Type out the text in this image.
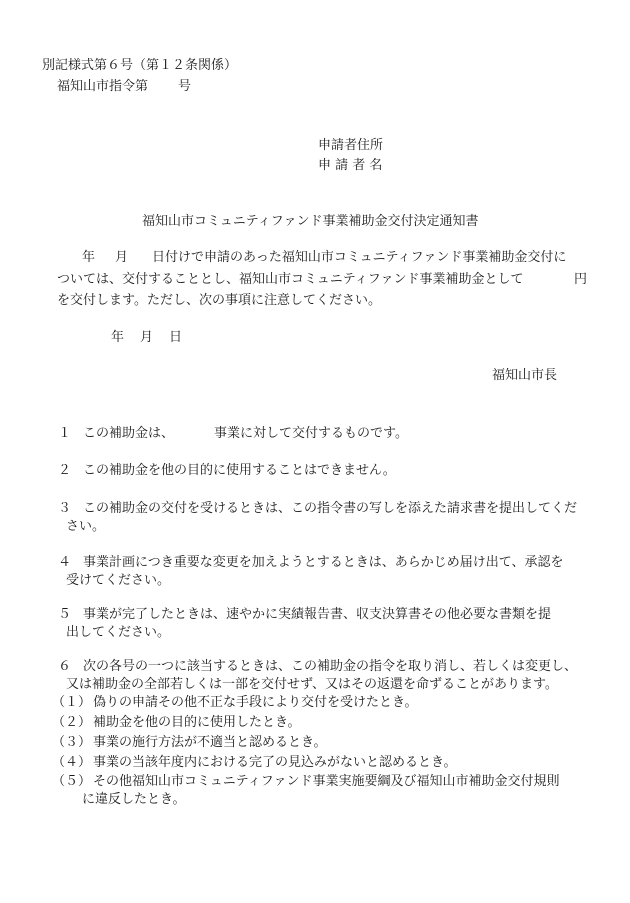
別記様式第６号（第１２条関係）
福知山市指令第 号
申請者住所
申 請 者 名
福知山市コミュニティファンド事業補助金交付決定通知書
年 月 日付けで申請のあった福知山市コミュニティファンド事業補助金交付に
ついては、交付することとし、福知山市コミュニティファンド事業補助金として	円
を交付します。ただし、次の事項に注意してください。
年 月 日
福知山市長
１ この補助金は、	事業に対して交付するものです。
２ この補助金を他の目的に使用することはできません。
３ この補助金の交付を受けるときは、この指令書の写しを添えた請求書を提出してくだ
さい。
４ 事業計画につき重要な変更を加えようとするときは、あらかじめ届け出て、承認を
受けてください。
５ 事業が完了したときは、速やかに実績報告書、収支決算書その他必要な書類を提
出してください。
６ 次の各号の一つに該当するときは、この補助金の指令を取り消し、若しくは変更し、
又は補助金の全部若しくは一部を交付せず、又はその返還を命ずることがあります。
（１） 偽りの申請その他不正な手段により交付を受けたとき。
（２） 補助金を他の目的に使用したとき。
（３） 事業の施行方法が不適当と認めるとき。
（４） 事業の当該年度内における完了の見込みがないと認めるとき。
（５） その他福知山市コミュニティファンド事業実施要綱及び福知山市補助金交付規則
に違反したとき。
